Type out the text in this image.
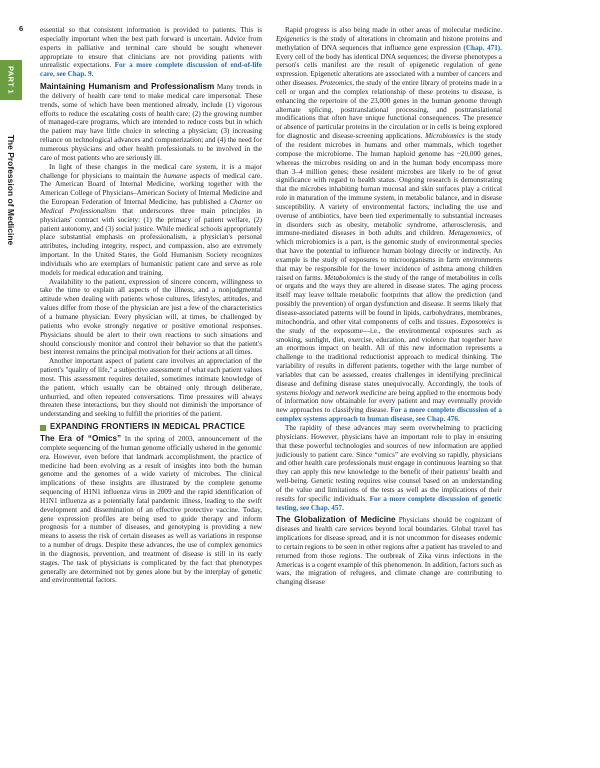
6
PART 1
The Profession of Medicine

essential so that consistent information is provided to patients. This is especially important when the best path forward is uncertain. Advice from experts in palliative and terminal care should be sought whenever appropriate to ensure that clinicians are not providing patients with unrealistic expectations. For a more complete discussion of end-of-life care, see Chap. 9.

Maintaining Humanism and Professionalism Many trends in the delivery of health care tend to make medical care impersonal. These trends, some of which have been mentioned already, include (1) vigorous efforts to reduce the escalating costs of health care; (2) the growing number of managed-care programs, which are intended to reduce costs but in which the patient may have little choice in selecting a physician; (3) increasing reliance on technological advances and computerization; and (4) the need for numerous physicians and other health professionals to be involved in the care of most patients who are seriously ill.

In light of these changes in the medical care system, it is a major challenge for physicians to maintain the humane aspects of medical care. The American Board of Internal Medicine, working together with the American College of Physicians–American Society of Internal Medicine and the European Federation of Internal Medicine, has published a Charter on Medical Professionalism that underscores three main principles in physicians' contract with society: (1) the primacy of patient welfare, (2) patient autonomy, and (3) social justice. While medical schools appropriately place substantial emphasis on professionalism, a physician's personal attributes, including integrity, respect, and compassion, also are extremely important. In the United States, the Gold Humanism Society recognizes individuals who are exemplars of humanistic patient care and serve as role models for medical education and training.

Availability to the patient, expression of sincere concern, willingness to take the time to explain all aspects of the illness, and a nonjudgmental attitude when dealing with patients whose cultures, lifestyles, attitudes, and values differ from those of the physician are just a few of the characteristics of a humane physician. Every physician will, at times, be challenged by patients who evoke strongly negative or positive emotional responses. Physicians should be alert to their own reactions to such situations and should consciously monitor and control their behavior so that the patient's best interest remains the principal motivation for their actions at all times.

Another important aspect of patient care involves an appreciation of the patient's "quality of life," a subjective assessment of what each patient values most. This assessment requires detailed, sometimes intimate knowledge of the patient, which usually can be obtained only through deliberate, unhurried, and often repeated conversations. Time pressures will always threaten these interactions, but they should not diminish the importance of understanding and seeking to fulfill the priorities of the patient.

EXPANDING FRONTIERS IN MEDICAL PRACTICE

The Era of “Omics” In the spring of 2003, announcement of the complete sequencing of the human genome officially ushered in the genomic era. However, even before that landmark accomplishment, the practice of medicine had been evolving as a result of insights into both the human genome and the genomes of a wide variety of microbes. The clinical implications of these insights are illustrated by the complete genome sequencing of H1N1 influenza virus in 2009 and the rapid identification of H1N1 influenza as a potentially fatal pandemic illness, leading to the swift development and dissemination of an effective protective vaccine. Today, gene expression profiles are being used to guide therapy and inform prognosis for a number of diseases, and genotyping is providing a new means to assess the risk of certain diseases as well as variations in response to a number of drugs. Despite these advances, the use of complex genomics in the diagnosis, prevention, and treatment of disease is still in its early stages. The task of physicians is complicated by the fact that phenotypes generally are determined not by genes alone but by the interplay of genetic and environmental factors.

Rapid progress is also being made in other areas of molecular medicine. Epigenetics is the study of alterations in chromatin and histone proteins and methylation of DNA sequences that influence gene expression (Chap. 471). Every cell of the body has identical DNA sequences; the diverse phenotypes a person's cells manifest are the result of epigenetic regulation of gene expression. Epigenetic alterations are associated with a number of cancers and other diseases. Proteomics, the study of the entire library of proteins made in a cell or organ and the complex relationship of these proteins to disease, is enhancing the repertoire of the 23,000 genes in the human genome through alternate splicing, posttranslational processing, and posttranslational modifications that often have unique functional consequences. The presence or absence of particular proteins in the circulation or in cells is being explored for diagnostic and disease-screening applications. Microbiomics is the study of the resident microbes in humans and other mammals, which together compose the microbiome. The human haploid genome has ~20,000 genes, whereas the microbes residing on and in the human body encompass more than 3–4 million genes; these resident microbes are likely to be of great significance with regard to health status. Ongoing research is demonstrating that the microbes inhabiting human mucosal and skin surfaces play a critical role in maturation of the immune system, in metabolic balance, and in disease susceptibility. A variety of environmental factors, including the use and overuse of antibiotics, have been tied experimentally to substantial increases in disorders such as obesity, metabolic syndrome, atherosclerosis, and immune-mediated diseases in both adults and children. Metagenomics, of which microbiomics is a part, is the genomic study of environmental species that have the potential to influence human biology directly or indirectly. An example is the study of exposures to microorganisms in farm environments that may be responsible for the lower incidence of asthma among children raised on farms. Metabolomics is the study of the range of metabolites in cells or organs and the ways they are altered in disease states. The aging process itself may leave telltale metabolic footprints that allow the prediction (and possibly the prevention) of organ dysfunction and disease. It seems likely that disease-associated patterns will be found in lipids, carbohydrates, membranes, mitochondria, and other vital components of cells and tissues. Exposomics is the study of the exposome—i.e., the environmental exposures such as smoking, sunlight, diet, exercise, education, and violence that together have an enormous impact on health. All of this new information represents a challenge to the traditional reductionist approach to medical thinking. The variability of results in different patients, together with the large number of variables that can be assessed, creates challenges in identifying preclinical disease and defining disease states unequivocally. Accordingly, the tools of systems biology and network medicine are being applied to the enormous body of information now obtainable for every patient and may eventually provide new approaches to classifying disease. For a more complete discussion of a complex systems approach to human disease, see Chap. 476.

The rapidity of these advances may seem overwhelming to practicing physicians. However, physicians have an important role to play in ensuring that these powerful technologies and sources of new information are applied judiciously to patient care. Since “omics” are evolving so rapidly, physicians and other health care professionals must engage in continuous learning so that they can apply this new knowledge to the benefit of their patients' health and well-being. Genetic testing requires wise counsel based on an understanding of the value and limitations of the tests as well as the implications of their results for specific individuals. For a more complete discussion of genetic testing, see Chap. 457.

The Globalization of Medicine Physicians should be cognizant of diseases and health care services beyond local boundaries. Global travel has implications for disease spread, and it is not uncommon for diseases endemic to certain regions to be seen in other regions after a patient has traveled to and returned from those regions. The outbreak of Zika virus infections in the Americas is a cogent example of this phenomenon. In addition, factors such as wars, the migration of refugees, and climate change are contributing to changing disease
